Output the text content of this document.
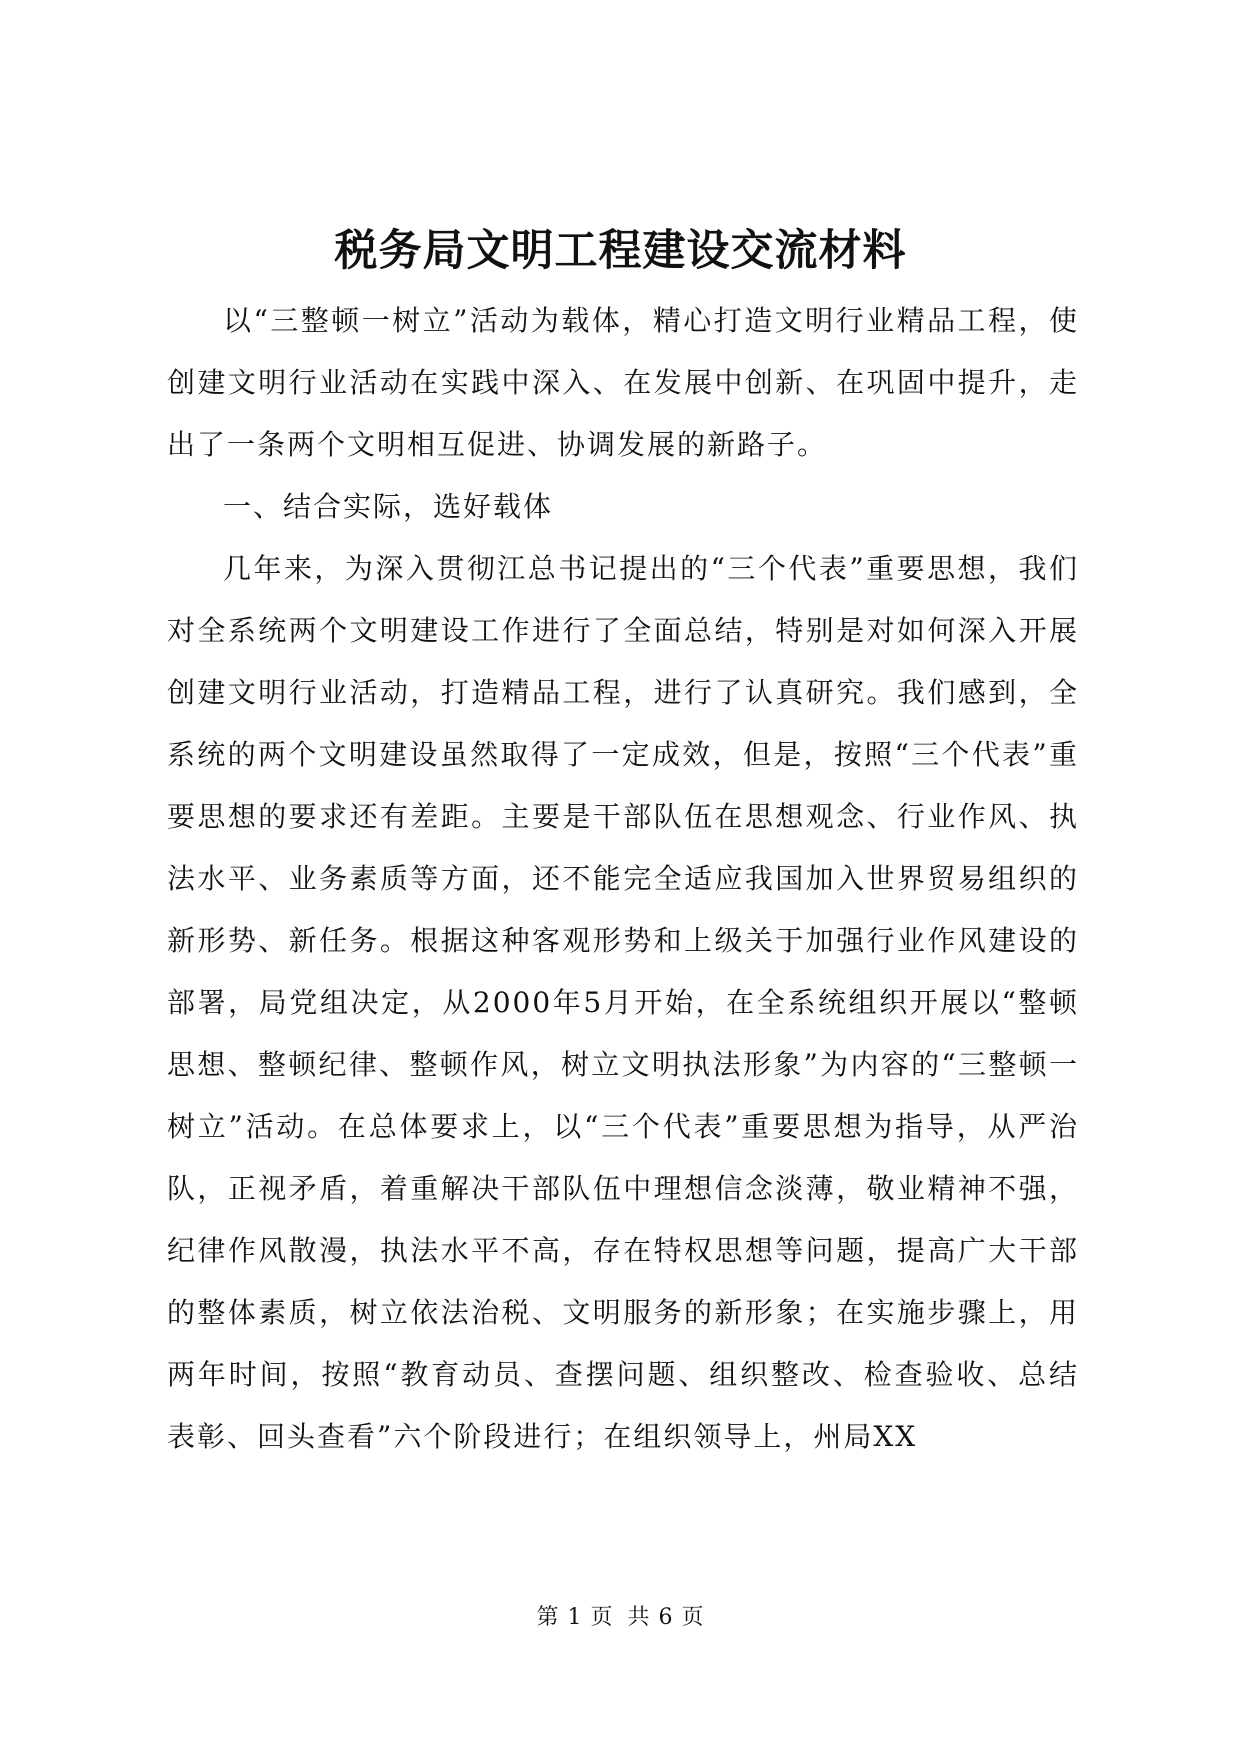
税务局文明工程建设交流材料

以“三整顿一树立”活动为载体，精心打造文明行业精品工程，使创建文明行业活动在实践中深入、在发展中创新、在巩固中提升，走出了一条两个文明相互促进、协调发展的新路子。

一、结合实际，选好载体

几年来，为深入贯彻江总书记提出的“三个代表”重要思想，我们对全系统两个文明建设工作进行了全面总结，特别是对如何深入开展创建文明行业活动，打造精品工程，进行了认真研究。我们感到，全系统的两个文明建设虽然取得了一定成效，但是，按照“三个代表”重要思想的要求还有差距。主要是干部队伍在思想观念、行业作风、执法水平、业务素质等方面，还不能完全适应我国加入世界贸易组织的新形势、新任务。根据这种客观形势和上级关于加强行业作风建设的部署，局党组决定，从2000年5月开始，在全系统组织开展以“整顿思想、整顿纪律、整顿作风，树立文明执法形象”为内容的“三整顿一树立”活动。在总体要求上，以“三个代表”重要思想为指导，从严治队，正视矛盾，着重解决干部队伍中理想信念淡薄，敬业精神不强，纪律作风散漫，执法水平不高，存在特权思想等问题，提高广大干部的整体素质，树立依法治税、文明服务的新形象；在实施步骤上，用两年时间，按照“教育动员、查摆问题、组织整改、检查验收、总结表彰、回头查看”六个阶段进行；在组织领导上，州局XX

第 1 页 共 6 页
